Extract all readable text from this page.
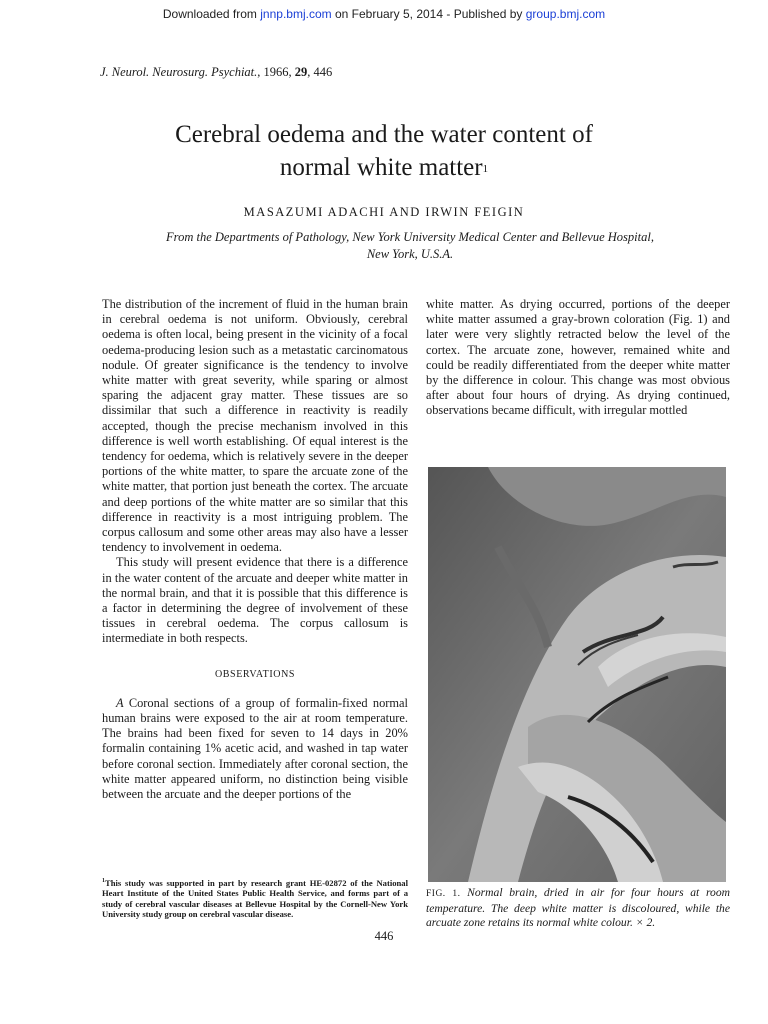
Downloaded from jnnp.bmj.com on February 5, 2014 - Published by group.bmj.com
J. Neurol. Neurosurg. Psychiat., 1966, 29, 446
Cerebral oedema and the water content of
normal white matter$^1$
MASAZUMI ADACHI AND IRWIN FEIGIN
From the Departments of Pathology, New York University Medical Center and Bellevue Hospital,
New York, U.S.A.

The distribution of the increment of fluid in the human brain in cerebral oedema is not uniform. Obviously, cerebral oedema is often local, being present in the vicinity of a focal oedema-producing lesion such as a metastatic carcinomatous nodule. Of greater significance is the tendency to involve white matter with great severity, while sparing or almost sparing the adjacent gray matter. These tissues are so dissimilar that such a difference in reactivity is readily accepted, though the precise mechanism involved in this difference is well worth establishing. Of equal interest is the tendency for oedema, which is relatively severe in the deeper portions of the white matter, to spare the arcuate zone of the white matter, that portion just beneath the cortex. The arcuate and deep portions of the white matter are so similar that this difference in reactivity is a most intriguing problem. The corpus callosum and some other areas may also have a lesser tendency to involvement in oedema.

This study will present evidence that there is a difference in the water content of the arcuate and deeper white matter in the normal brain, and that it is possible that this difference is a factor in determining the degree of involvement of these tissues in cerebral oedema. The corpus callosum is intermediate in both respects.

OBSERVATIONS

A Coronal sections of a group of formalin-fixed normal human brains were exposed to the air at room temperature. The brains had been fixed for seven to 14 days in 20% formalin containing 1% acetic acid, and washed in tap water before coronal section. Immediately after coronal section, the white matter appeared uniform, no distinction being visible between the arcuate and the deeper portions of the

$^1$This study was supported in part by research grant HE-02872 of the National Heart Institute of the United States Public Health Service, and forms part of a study of cerebral vascular diseases at Bellevue Hospital by the Cornell-New York University study group on cerebral vascular disease.

white matter. As drying occurred, portions of the deeper white matter assumed a gray-brown coloration (Fig. 1) and later were very slightly retracted below the level of the cortex. The arcuate zone, however, remained white and could be readily differentiated from the deeper white matter by the difference in colour. This change was most obvious after about four hours of drying. As drying continued, observations became difficult, with irregular mottled

FIG. 1. Normal brain, dried in air for four hours at room temperature. The deep white matter is discoloured, while the arcuate zone retains its normal white colour. × 2.
446
